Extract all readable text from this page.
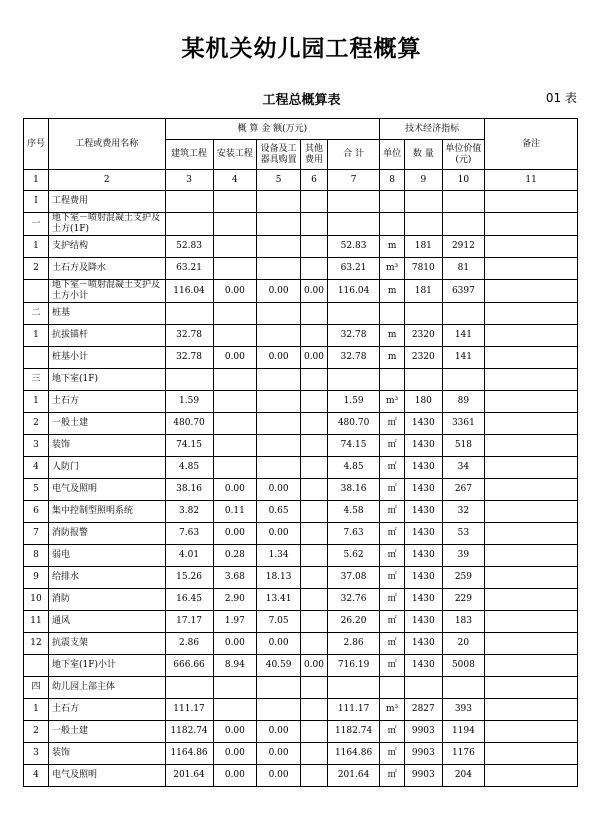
某机关幼儿园工程概算
工程总概算表	01 表
序号	工程或费用名称	概 算 金 额(万元)					技术经济指标			备注
		建筑工程	安装工程	设备及工器具购置	其他费用	合 计	单位	数 量	单位价值(元)	
1	2	3	4	5	6	7	8	9	10	11
Ⅰ	工程费用									
一	地下室－喷射混凝土支护及土方(1F)									
1	支护结构	52.83				52.83	m	181	2912	
2	土石方及降水	63.21				63.21	m³	7810	81	
	地下室－喷射混凝土支护及土方小计	116.04	0.00	0.00	0.00	116.04	m	181	6397	
二	桩基									
1	抗拔锚杆	32.78				32.78	m	2320	141	
	桩基小计	32.78	0.00	0.00	0.00	32.78	m	2320	141	
三	地下室(1F)									
1	土石方	1.59				1.59	m³	180	89	
2	一般土建	480.70				480.70	㎡	1430	3361	
3	装饰	74.15				74.15	㎡	1430	518	
4	人防门	4.85				4.85	㎡	1430	34	
5	电气及照明	38.16	0.00	0.00		38.16	㎡	1430	267	
6	集中控制型照明系统	3.82	0.11	0.65		4.58	㎡	1430	32	
7	消防报警	7.63	0.00	0.00		7.63	㎡	1430	53	
8	弱电	4.01	0.28	1.34		5.62	㎡	1430	39	
9	给排水	15.26	3.68	18.13		37.08	㎡	1430	259	
10	消防	16.45	2.90	13.41		32.76	㎡	1430	229	
11	通风	17.17	1.97	7.05		26.20	㎡	1430	183	
12	抗震支架	2.86	0.00	0.00		2.86	㎡	1430	20	
	地下室(1F)小计	666.66	8.94	40.59	0.00	716.19	㎡	1430	5008	
四	幼儿园上部主体									
1	土石方	111.17				111.17	m³	2827	393	
2	一般土建	1182.74	0.00	0.00		1182.74	㎡	9903	1194	
3	装饰	1164.86	0.00	0.00		1164.86	㎡	9903	1176	
4	电气及照明	201.64	0.00	0.00		201.64	㎡	9903	204	
